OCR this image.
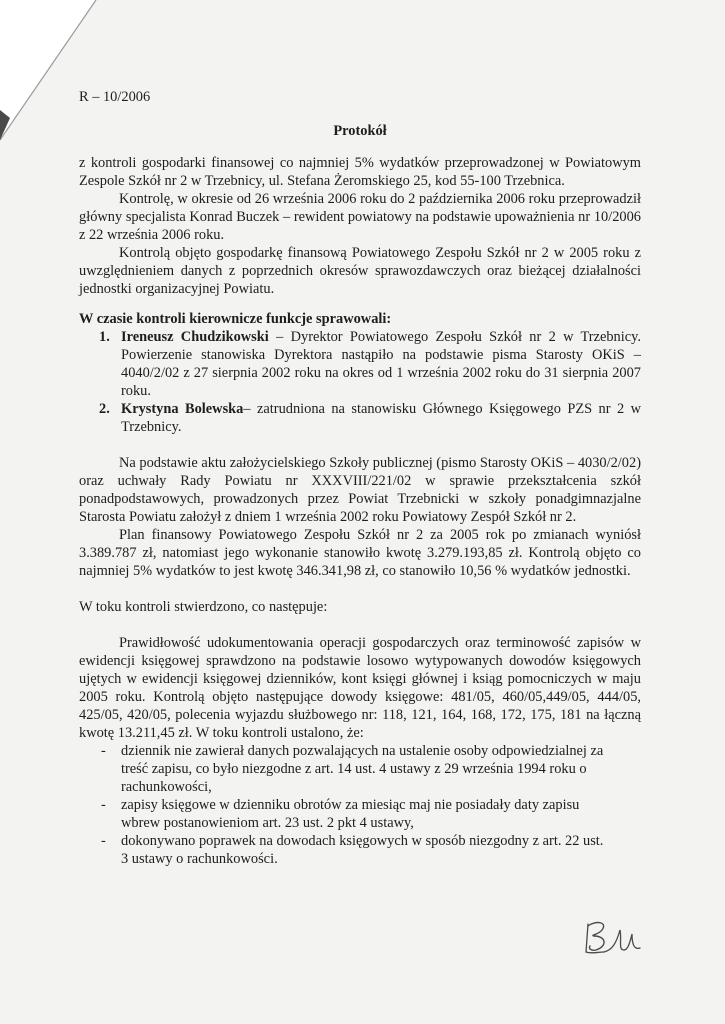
R – 10/2006

Protokół

z kontroli gospodarki finansowej co najmniej 5% wydatków przeprowadzonej w Powiatowym Zespole Szkół nr 2 w Trzebnicy, ul. Stefana Żeromskiego 25, kod 55-100 Trzebnica.

Kontrolę, w okresie od 26 września 2006 roku do 2 października 2006 roku przeprowadził główny specjalista Konrad Buczek – rewident powiatowy na podstawie upoważnienia nr 10/2006 z 22 września 2006 roku.

Kontrolą objęto gospodarkę finansową Powiatowego Zespołu Szkół nr 2 w 2005 roku z uwzględnieniem danych z poprzednich okresów sprawozdawczych oraz bieżącej działalności jednostki organizacyjnej Powiatu.

W czasie kontroli kierownicze funkcje sprawowali:

1. Ireneusz Chudzikowski – Dyrektor Powiatowego Zespołu Szkół nr 2 w Trzebnicy. Powierzenie stanowiska Dyrektora nastąpiło na podstawie pisma Starosty OKiS – 4040/2/02 z 27 sierpnia 2002 roku na okres od 1 września 2002 roku do 31 sierpnia 2007 roku.
2. Krystyna Bolewska– zatrudniona na stanowisku Głównego Księgowego PZS nr 2 w Trzebnicy.

Na podstawie aktu założycielskiego Szkoły publicznej (pismo Starosty OKiS – 4030/2/02) oraz uchwały Rady Powiatu nr XXXVIII/221/02 w sprawie przekształcenia szkół ponadpodstawowych, prowadzonych przez Powiat Trzebnicki w szkoły ponadgimnazjalne Starosta Powiatu założył z dniem 1 września 2002 roku Powiatowy Zespół Szkół nr 2.

Plan finansowy Powiatowego Zespołu Szkół nr 2 za 2005 rok po zmianach wyniósł 3.389.787 zł, natomiast jego wykonanie stanowiło kwotę 3.279.193,85 zł. Kontrolą objęto co najmniej 5% wydatków to jest kwotę 346.341,98 zł, co stanowiło 10,56 % wydatków jednostki.

W toku kontroli stwierdzono, co następuje:

Prawidłowość udokumentowania operacji gospodarczych oraz terminowość zapisów w ewidencji księgowej sprawdzono na podstawie losowo wytypowanych dowodów księgowych ujętych w ewidencji księgowej dzienników, kont księgi głównej i ksiąg pomocniczych w maju 2005 roku. Kontrolą objęto następujące dowody księgowe: 481/05, 460/05,449/05, 444/05, 425/05, 420/05, polecenia wyjazdu służbowego nr: 118, 121, 164, 168, 172, 175, 181 na łączną kwotę 13.211,45 zł. W toku kontroli ustalono, że:

- dziennik nie zawierał danych pozwalających na ustalenie osoby odpowiedzialnej za treść zapisu, co było niezgodne z art. 14 ust. 4 ustawy z 29 września 1994 roku o rachunkowości,
- zapisy księgowe w dzienniku obrotów za miesiąc maj nie posiadały daty zapisu wbrew postanowieniom art. 23 ust. 2 pkt 4 ustawy,
- dokonywano poprawek na dowodach księgowych w sposób niezgodny z art. 22 ust. 3 ustawy o rachunkowości.
